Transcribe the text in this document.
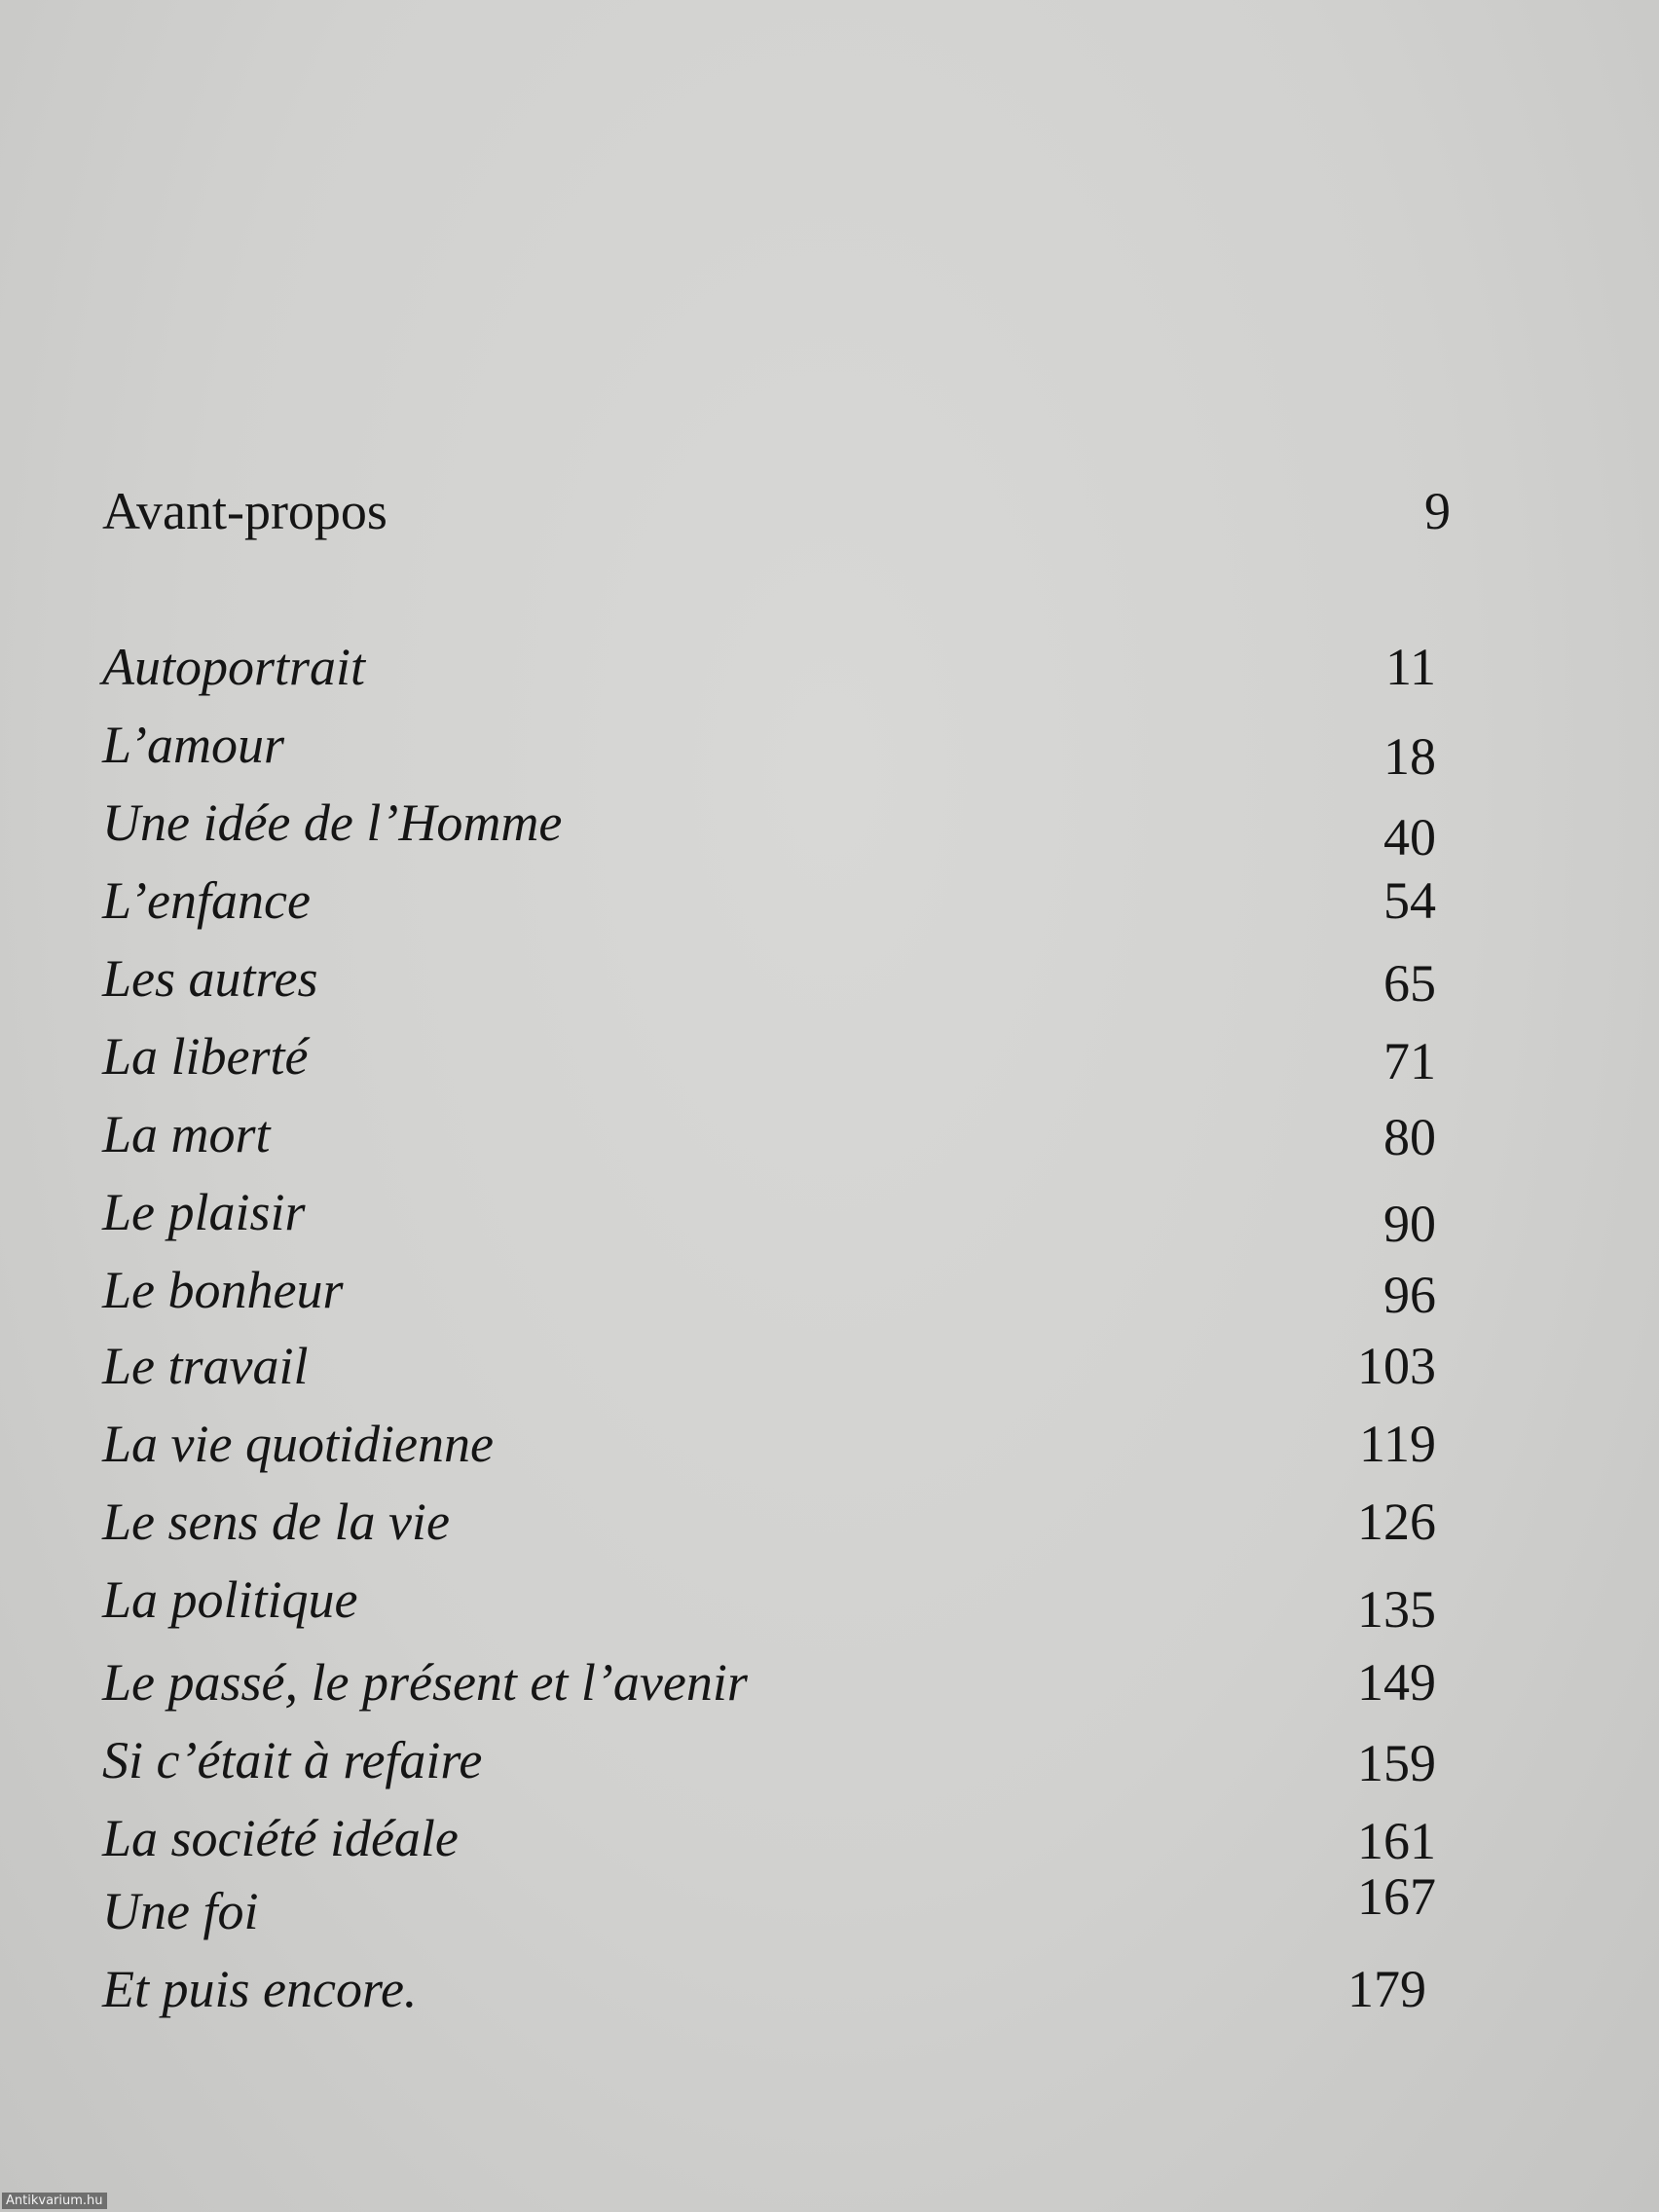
Avant-propos	9
Autoportrait	11
L’amour	18
Une idée de l’Homme	40
L’enfance	54
Les autres	65
La liberté	71
La mort	80
Le plaisir	90
Le bonheur	96
Le travail	103
La vie quotidienne	119
Le sens de la vie	126
La politique	135
Le passé, le présent et l’avenir	149
Si c’était à refaire	159
La société idéale	161
Une foi	167
Et puis encore.	179
Antikvarium.hu
